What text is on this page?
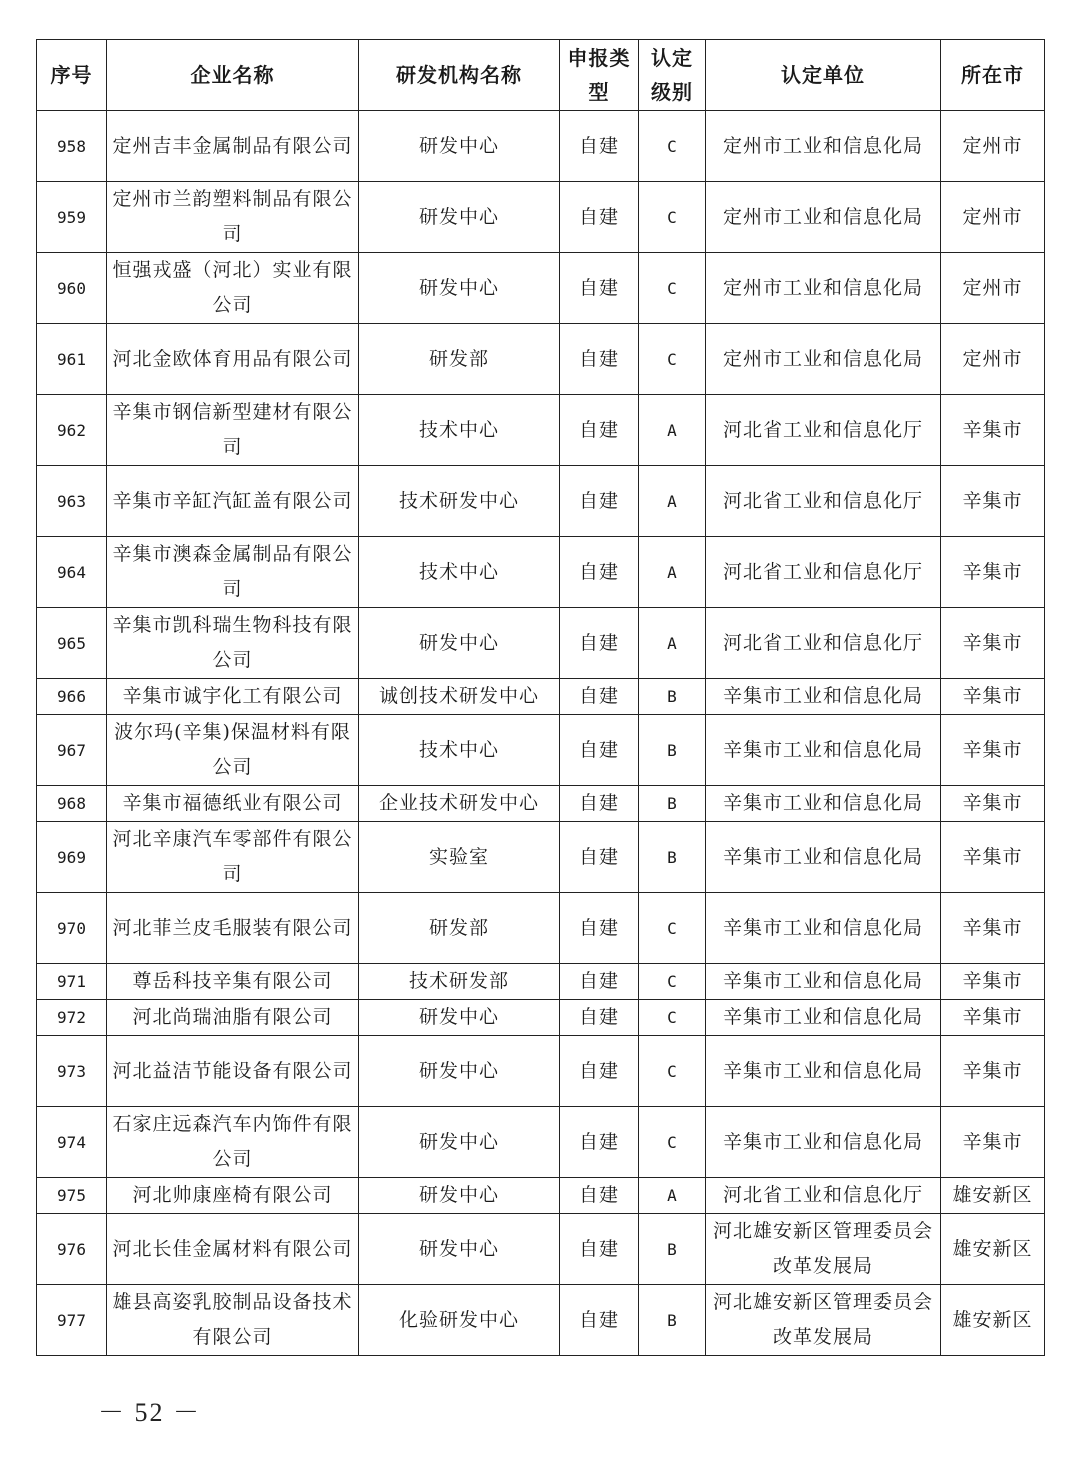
序号	企业名称	研发机构名称	申报类型	认定级别	认定单位	所在市
958	定州吉丰金属制品有限公司	研发中心	自建	C	定州市工业和信息化局	定州市
959	定州市兰韵塑料制品有限公司	研发中心	自建	C	定州市工业和信息化局	定州市
960	恒强戎盛（河北）实业有限公司	研发中心	自建	C	定州市工业和信息化局	定州市
961	河北金欧体育用品有限公司	研发部	自建	C	定州市工业和信息化局	定州市
962	辛集市钢信新型建材有限公司	技术中心	自建	A	河北省工业和信息化厅	辛集市
963	辛集市辛缸汽缸盖有限公司	技术研发中心	自建	A	河北省工业和信息化厅	辛集市
964	辛集市澳森金属制品有限公司	技术中心	自建	A	河北省工业和信息化厅	辛集市
965	辛集市凯科瑞生物科技有限公司	研发中心	自建	A	河北省工业和信息化厅	辛集市
966	辛集市诚宇化工有限公司	诚创技术研发中心	自建	B	辛集市工业和信息化局	辛集市
967	波尔玛(辛集)保温材料有限公司	技术中心	自建	B	辛集市工业和信息化局	辛集市
968	辛集市福德纸业有限公司	企业技术研发中心	自建	B	辛集市工业和信息化局	辛集市
969	河北辛康汽车零部件有限公司	实验室	自建	B	辛集市工业和信息化局	辛集市
970	河北菲兰皮毛服装有限公司	研发部	自建	C	辛集市工业和信息化局	辛集市
971	尊岳科技辛集有限公司	技术研发部	自建	C	辛集市工业和信息化局	辛集市
972	河北尚瑞油脂有限公司	研发中心	自建	C	辛集市工业和信息化局	辛集市
973	河北益洁节能设备有限公司	研发中心	自建	C	辛集市工业和信息化局	辛集市
974	石家庄远森汽车内饰件有限公司	研发中心	自建	C	辛集市工业和信息化局	辛集市
975	河北帅康座椅有限公司	研发中心	自建	A	河北省工业和信息化厅	雄安新区
976	河北长佳金属材料有限公司	研发中心	自建	B	河北雄安新区管理委员会改革发展局	雄安新区
977	雄县高姿乳胶制品设备技术有限公司	化验研发中心	自建	B	河北雄安新区管理委员会改革发展局	雄安新区
－ 52 －
